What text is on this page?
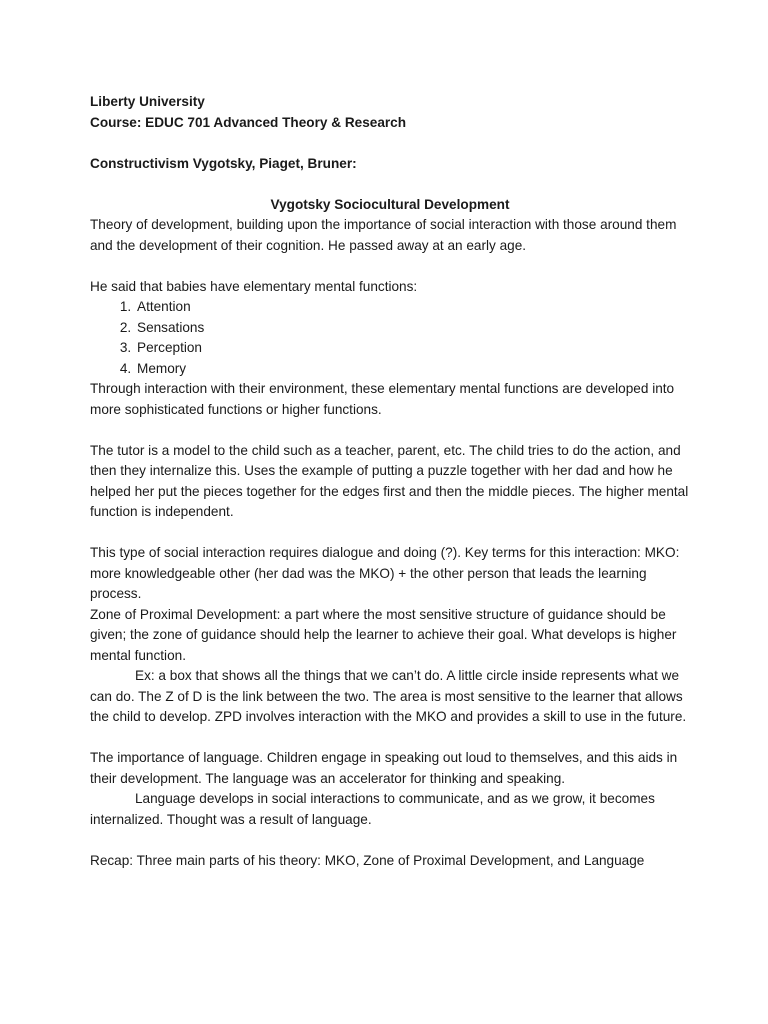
Liberty University

Course: EDUC 701 Advanced Theory & Research

Constructivism Vygotsky, Piaget, Bruner:

Vygotsky Sociocultural Development

Theory of development, building upon the importance of social interaction with those around them and the development of their cognition. He passed away at an early age.

He said that babies have elementary mental functions:

1. Attention
2. Sensations
3. Perception
4. Memory

Through interaction with their environment, these elementary mental functions are developed into more sophisticated functions or higher functions.

The tutor is a model to the child such as a teacher, parent, etc. The child tries to do the action, and then they internalize this. Uses the example of putting a puzzle together with her dad and how he helped her put the pieces together for the edges first and then the middle pieces. The higher mental function is independent.

This type of social interaction requires dialogue and doing (?). Key terms for this interaction: MKO: more knowledgeable other (her dad was the MKO) + the other person that leads the learning process.

Zone of Proximal Development: a part where the most sensitive structure of guidance should be given; the zone of guidance should help the learner to achieve their goal. What develops is higher mental function.

Ex: a box that shows all the things that we can’t do. A little circle inside represents what we can do. The Z of D is the link between the two. The area is most sensitive to the learner that allows the child to develop. ZPD involves interaction with the MKO and provides a skill to use in the future.

The importance of language. Children engage in speaking out loud to themselves, and this aids in their development. The language was an accelerator for thinking and speaking.

Language develops in social interactions to communicate, and as we grow, it becomes internalized. Thought was a result of language.

Recap: Three main parts of his theory: MKO, Zone of Proximal Development, and Language
